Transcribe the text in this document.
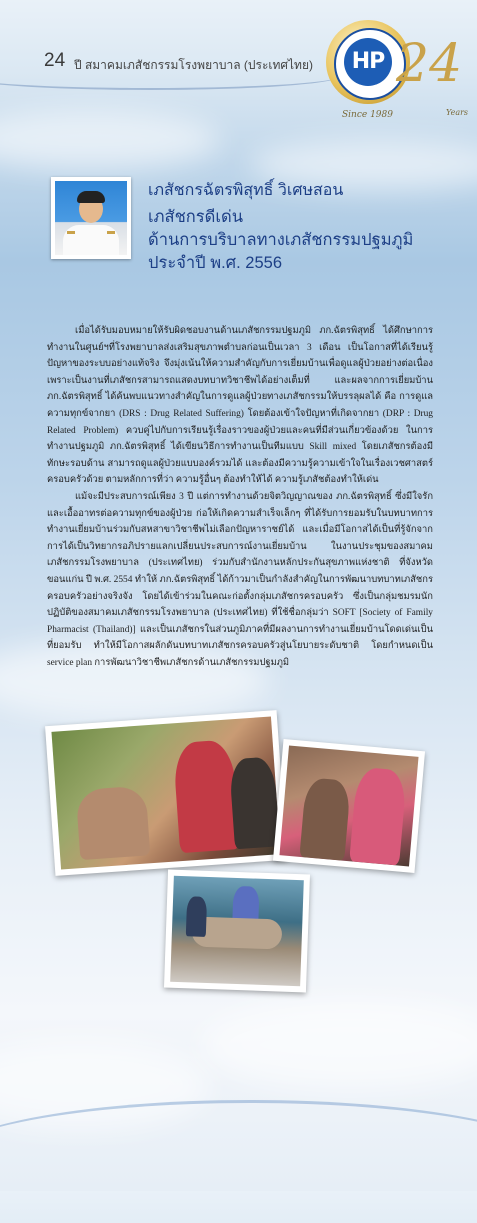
24 ปี สมาคมเภสัชกรรมโรงพยาบาล (ประเทศไทย)	HP 24
Years
Since 1989
เภสัชกรฉัตรพิสุทธิ์ วิเศษสอน
เภสัชกรดีเด่น
ด้านการบริบาลทางเภสัชกรรมปฐมภูมิ
ประจำปี พ.ศ. 2556

เมื่อได้รับมอบหมายให้รับผิดชอบงานด้านเภสัชกรรมปฐมภูมิ ภก.ฉัตรพิสุทธิ์ ได้ศึกษาการทำงานในศูนย์ฯที่โรงพยาบาลส่งเสริมสุขภาพตำบลก่อนเป็นเวลา 3 เดือน เป็นโอกาสที่ได้เรียนรู้ปัญหาของระบบอย่างแท้จริง จึงมุ่งเน้นให้ความสำคัญกับการเยี่ยมบ้านเพื่อดูแลผู้ป่วยอย่างต่อเนื่อง เพราะเป็นงานที่เภสัชกรสามารถแสดงบทบาทวิชาชีพได้อย่างเต็มที่ และผลจากการเยี่ยมบ้าน ภก.ฉัตรพิสุทธิ์ ได้ค้นพบแนวทางสำคัญในการดูแลผู้ป่วยทางเภสัชกรรมให้บรรลุผลได้ คือ การดูแลความทุกข์จากยา (DRS : Drug Related Suffering) โดยต้องเข้าใจปัญหาที่เกิดจากยา (DRP : Drug Related Problem) ควบคู่ไปกับการเรียนรู้เรื่องราวของผู้ป่วยและคนที่มีส่วนเกี่ยวข้องด้วย ในการทำงานปฐมภูมิ ภก.ฉัตรพิสุทธิ์ ได้เขียนวิธีการทำงานเป็นทีมแบบ Skill mixed โดยเภสัชกรต้องมีทักษะรอบด้าน สามารถดูแลผู้ป่วยแบบองค์รวมได้ และต้องมีความรู้ความเข้าใจในเรื่องเวชศาสตร์ครอบครัวด้วย ตามหลักการที่ว่า ความรู้อื่นๆ ต้องทำให้ได้ ความรู้เภสัชต้องทำให้เด่น

แม้จะมีประสบการณ์เพียง 3 ปี แต่การทำงานด้วยจิตวิญญาณของ ภก.ฉัตรพิสุทธิ์ ซึ่งมีใจรักและเอื้ออาทรต่อความทุกข์ของผู้ป่วย ก่อให้เกิดความสำเร็จเล็กๆ ที่ได้รับการยอมรับในบทบาทการทำงานเยี่ยมบ้านร่วมกับสหสาขาวิชาชีพไม่เลือกปัญหาราชย์ได้ และเมื่อมีโอกาสได้เป็นที่รู้จักจากการได้เป็นวิทยากรอภิปรายแลกเปลี่ยนประสบการณ์งานเยี่ยมบ้าน ในงานประชุมของสมาคมเภสัชกรรมโรงพยาบาล (ประเทศไทย) ร่วมกับสำนักงานหลักประกันสุขภาพแห่งชาติ ที่จังหวัดขอนแก่น ปี พ.ศ. 2554 ทำให้ ภก.ฉัตรพิสุทธิ์ ได้ก้าวมาเป็นกำลังสำคัญในการพัฒนาบทบาทเภสัชกรครอบครัวอย่างจริงจัง โดยได้เข้าร่วมในคณะก่อตั้งกลุ่มเภสัชกรครอบครัว ซึ่งเป็นกลุ่มชมรมนักปฏิบัติของสมาคมเภสัชกรรมโรงพยาบาล (ประเทศไทย) ที่ใช้ชื่อกลุ่มว่า SOFT [Society of Family Pharmacist (Thailand)] และเป็นเภสัชกรในส่วนภูมิภาคที่มีผลงานการทำงานเยี่ยมบ้านโดดเด่นเป็นที่ยอมรับ ทำให้มีโอกาสผลักดันบทบาทเภสัชกรครอบครัวสู่นโยบายระดับชาติ โดยกำหนดเป็น service plan การพัฒนาวิชาชีพเภสัชกรด้านเภสัชกรรมปฐมภูมิ
